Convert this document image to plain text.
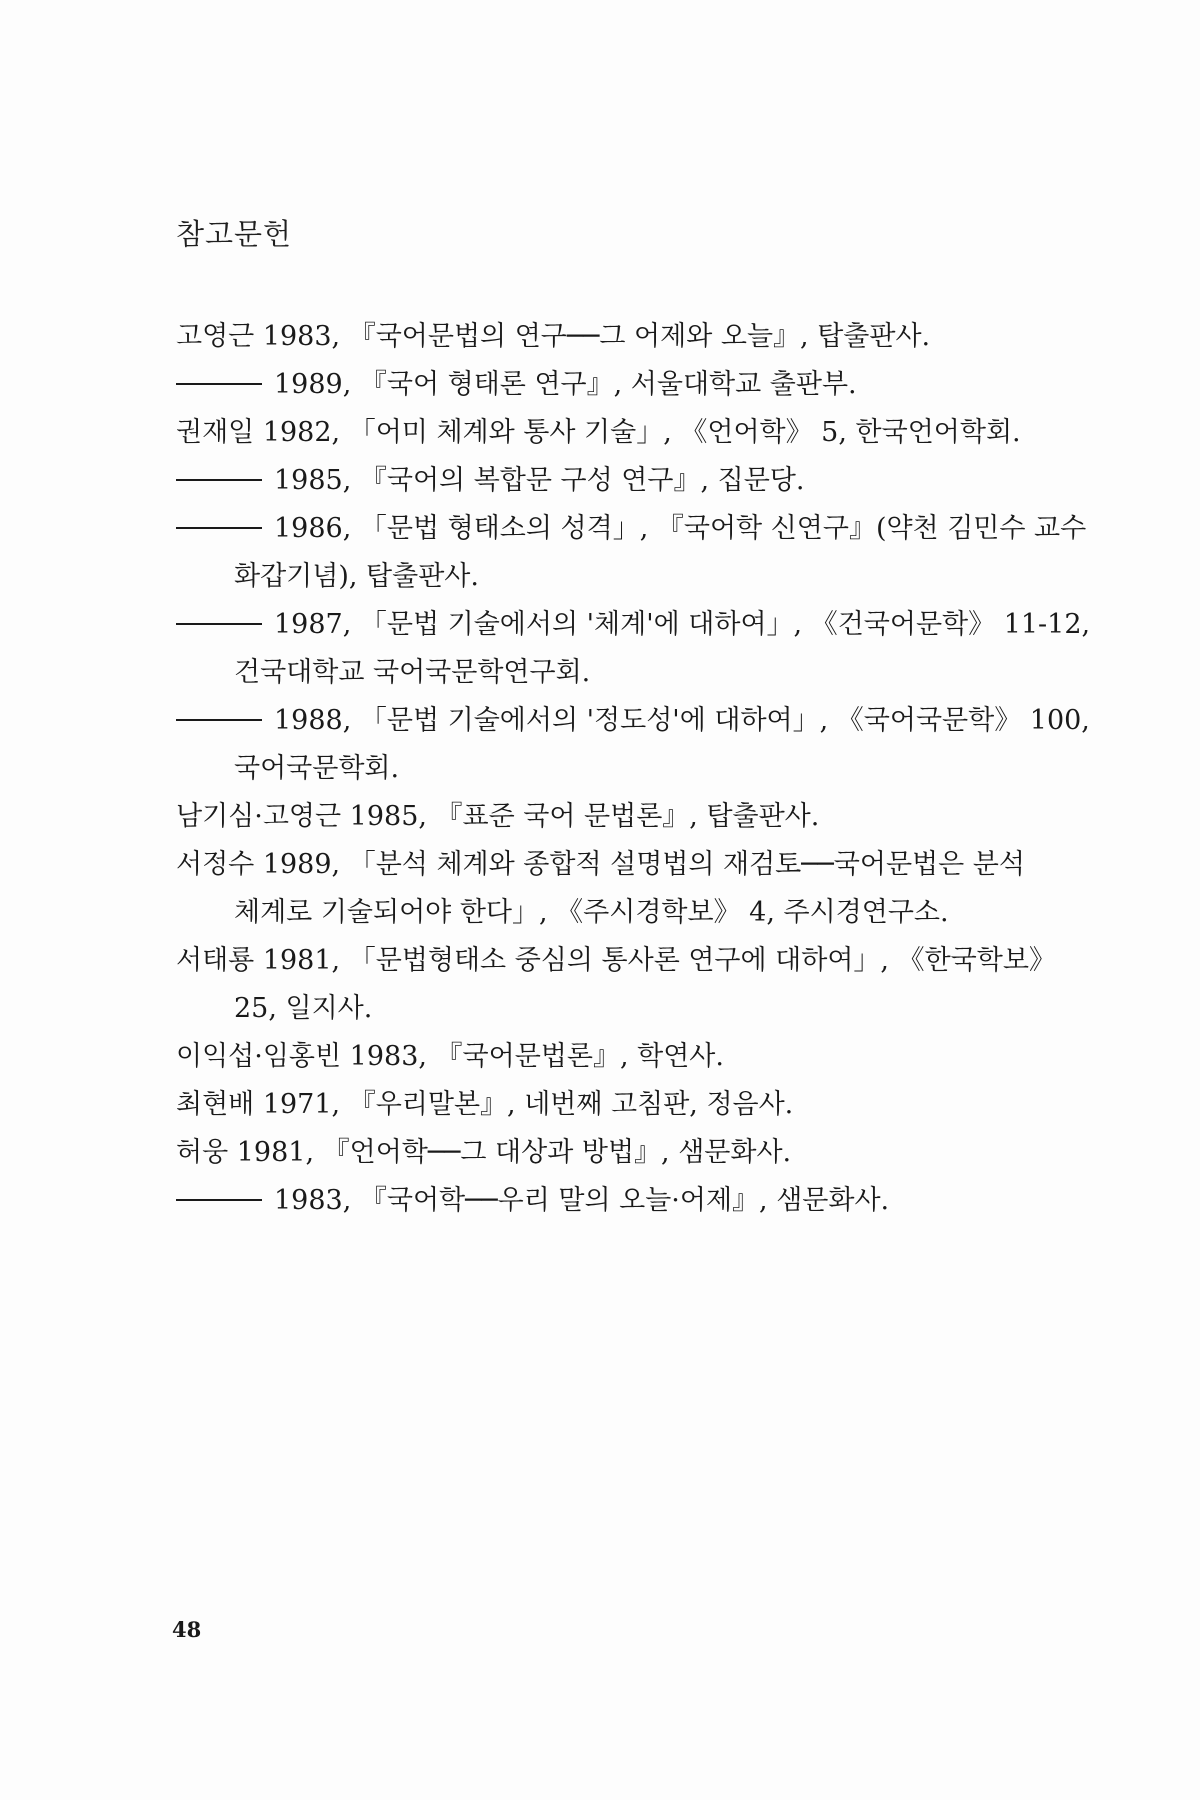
참고문헌
고영근 1983, 『국어문법의 연구──그 어제와 오늘』, 탑출판사.
1989, 『국어 형태론 연구』, 서울대학교 출판부.
권재일 1982, 「어미 체계와 통사 기술」, 《언어학》 5, 한국언어학회.
1985, 『국어의 복합문 구성 연구』, 집문당.
1986, 「문법 형태소의 성격」, 『국어학 신연구』(약천 김민수 교수
화갑기념), 탑출판사.
1987, 「문법 기술에서의 '체계'에 대하여」, 《건국어문학》 11-12,
건국대학교 국어국문학연구회.
1988, 「문법 기술에서의 '정도성'에 대하여」, 《국어국문학》 100,
국어국문학회.
남기심·고영근 1985, 『표준 국어 문법론』, 탑출판사.
서정수 1989, 「분석 체계와 종합적 설명법의 재검토──국어문법은 분석
체계로 기술되어야 한다」, 《주시경학보》 4, 주시경연구소.
서태룡 1981, 「문법형태소 중심의 통사론 연구에 대하여」, 《한국학보》
25, 일지사.
이익섭·임홍빈 1983, 『국어문법론』, 학연사.
최현배 1971, 『우리말본』, 네번째 고침판, 정음사.
허웅 1981, 『언어학──그 대상과 방법』, 샘문화사.
1983, 『국어학──우리 말의 오늘·어제』, 샘문화사.
48
